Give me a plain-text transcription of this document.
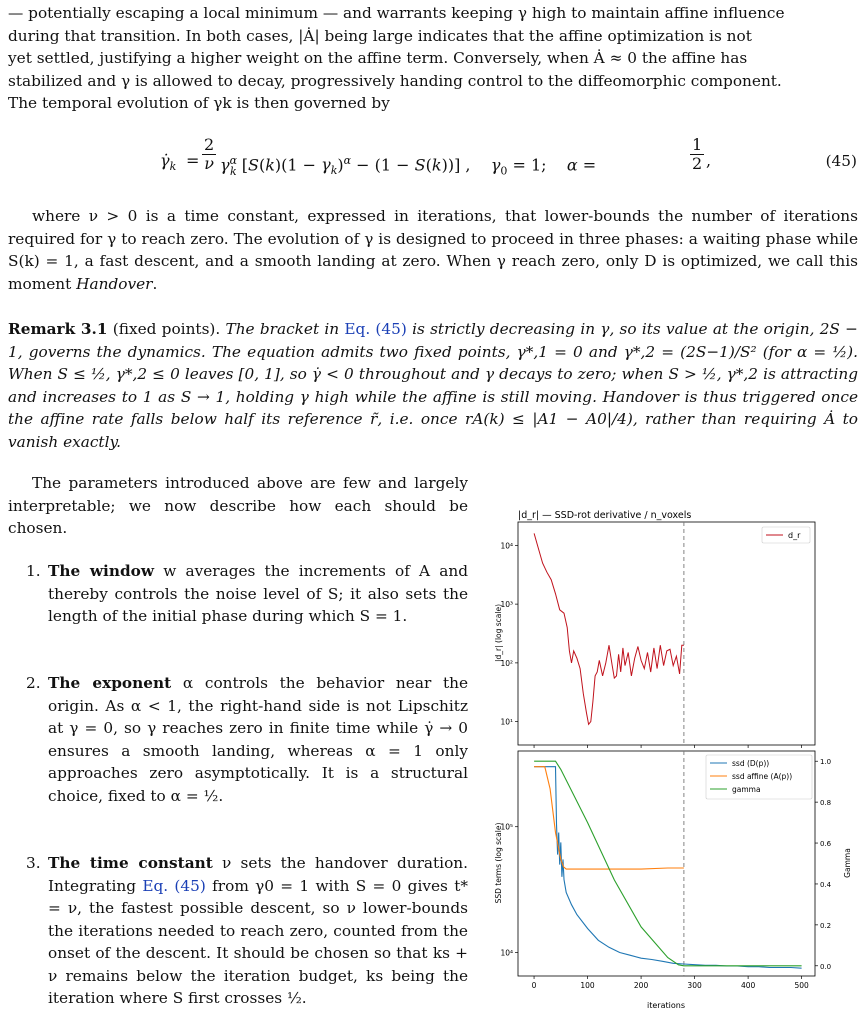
— potentially escaping a local minimum — and warrants keeping γ high to maintain affine influence
during that transition. In both cases, |Ȧ| being large indicates that the affine optimization is not
yet settled, justifying a higher weight on the affine term. Conversely, when Ȧ ≈ 0 the affine has
stabilized and γ is allowed to decay, progressively handing control to the diffeomorphic component.
The temporal evolution of γk is then governed by

$\gammȧ_k = \frac{2}{\nu} \gamma^\alpha_k$ $[S(k)(1 - \gamma_k)^\alpha - (1 - S(k))]$ ,    $\gamma_0 = 1$;    α =	$\frac{1}{2}$ ,	(45)

where ν > 0 is a time constant, expressed in iterations, that lower-bounds the number of iterations required for γ to reach zero. The evolution of γ is designed to proceed in three phases: a waiting phase while S(k) = 1, a fast descent, and a smooth landing at zero. When γ reach zero, only D is optimized, we call this moment Handover.

Remark 3.1 (fixed points). The bracket in Eq. (45) is strictly decreasing in γ, so its value at the origin, 2S − 1, governs the dynamics. The equation admits two fixed points, γ*,1 = 0 and γ*,2 = (2S−1)/S² (for α = ½). When S ≤ ½, γ*,2 ≤ 0 leaves [0, 1], so γ̇ < 0 throughout and γ decays to zero; when S > ½, γ*,2 is attracting and increases to 1 as S → 1, holding γ high while the affine is still moving. Handover is thus triggered once the affine rate falls below half its reference r̃, i.e. once rA(k) ≤ |A1 − A0|/4), rather than requiring Ȧ to vanish exactly.

The parameters introduced above are few and largely interpretable; we now describe how each should be chosen.

1. The window w averages the increments of A and thereby controls the noise level of S; it also sets the length of the initial phase during which S = 1.
2. The exponent α controls the behavior near the origin. As α < 1, the right-hand side is not Lipschitz at γ = 0, so γ reaches zero in finite time while γ̇ → 0 ensures a smooth landing, whereas α = 1 only approaches zero asymptotically. It is a structural choice, fixed to α = ½.
3. The time constant ν sets the handover duration. Integrating Eq. (45) from γ0 = 1 with S = 0 gives t* = ν, the fastest possible descent, so ν lower-bounds the iterations needed to reach zero, counted from the onset of the descent. It should be chosen so that ks + ν remains below the iteration budget, ks being the iteration where S first crosses ½.
|d_r| — SSD-rot derivative / n_voxels
|d_r| (log scale)
10¹
10²
10³
10⁴
d_r
SSD terms (log scale)	Gamma
iterations
10⁴
10⁵
0.0
0.2
0.4
0.6
0.8
1.0
0	100	200	300	400	500
ssd (D(p))
ssd affine (A(p))
gamma
